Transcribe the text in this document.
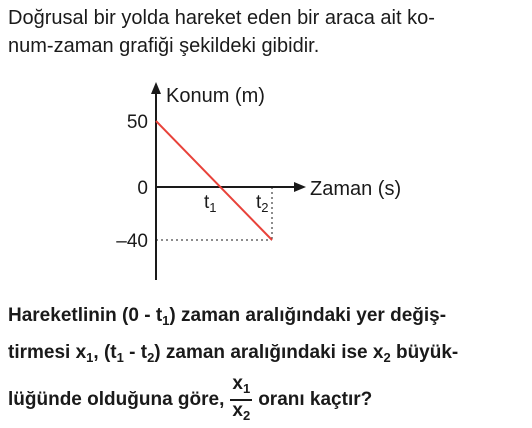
Doğrusal bir yolda hareket eden bir araca ait ko-
num-zaman grafiği şekildeki gibidir.
Konum (m)
Zaman (s)
50
0
–40
$t_1$ $t_2$
Hareketlinin $(0 - t_1)$ zaman aralığındaki yer değiş-
tirmesi $x_1$, $(t_1 - t_2)$ zaman aralığındaki ise $x_2$ büyük-
lüğünde olduğuna göre, $\frac{x_1}{x_2}$ oranı kaçtır?
